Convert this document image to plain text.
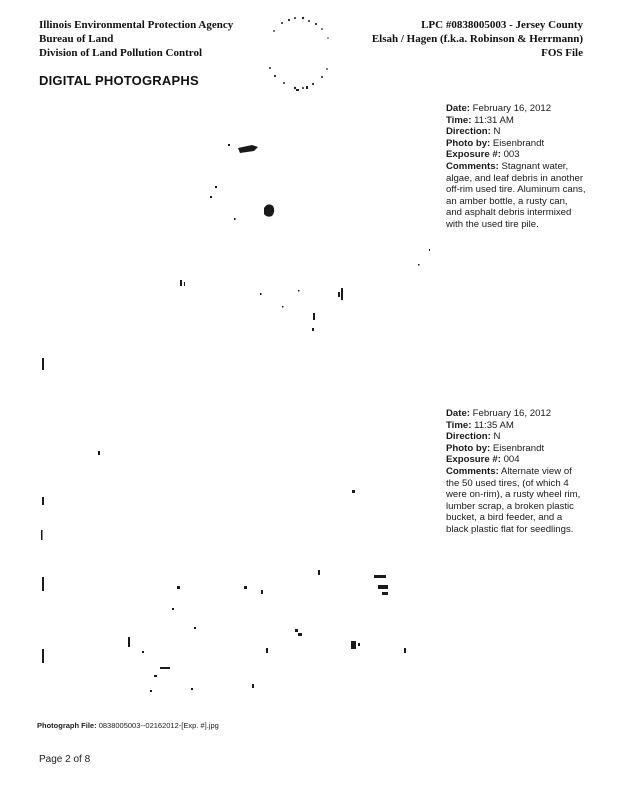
Illinois Environmental Protection Agency
Bureau of Land
Division of Land Pollution Control
LPC #0838005003 - Jersey County
Elsah / Hagen (f.k.a. Robinson & Herrmann)
FOS File
DIGITAL PHOTOGRAPHS
Date: February 16, 2012
Time: 11:31 AM
Direction: N
Photo by: Eisenbrandt
Exposure #: 003
Comments: Stagnant water, algae, and leaf debris in another off-rim used tire. Aluminum cans, an amber bottle, a rusty can, and asphalt debris intermixed with the used tire pile.
Date: February 16, 2012
Time: 11:35 AM
Direction: N
Photo by: Eisenbrandt
Exposure #: 004
Comments: Alternate view of the 50 used tires, (of which 4 were on-rim), a rusty wheel rim, lumber scrap, a broken plastic bucket, a bird feeder, and a black plastic flat for seedlings.
Photograph File: 0838005003--02162012-[Exp. #].jpg
Page 2 of 8
